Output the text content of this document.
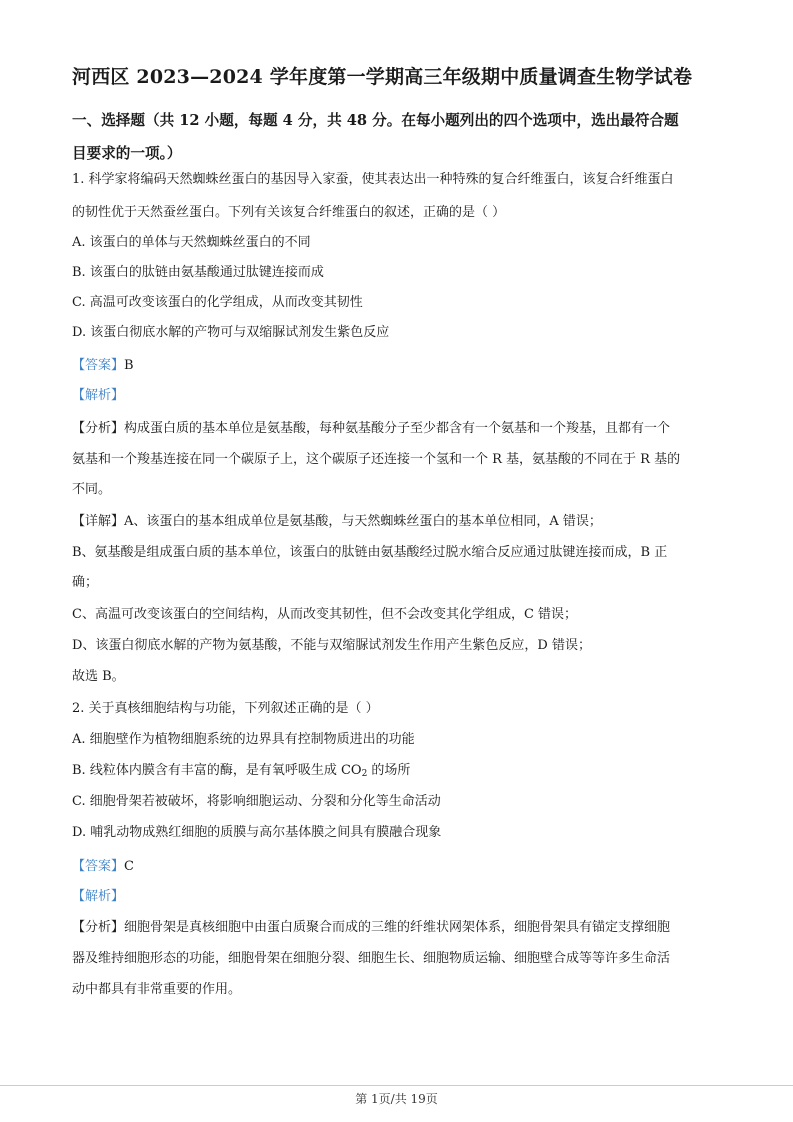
河西区 2023—2024 学年度第一学期高三年级期中质量调查生物学试卷
一、选择题（共 12 小题，每题 4 分，共 48 分。在每小题列出的四个选项中，选出最符合题
目要求的一项。）
1. 科学家将编码天然蜘蛛丝蛋白的基因导入家蚕，使其表达出一种特殊的复合纤维蛋白，该复合纤维蛋白
的韧性优于天然蚕丝蛋白。下列有关该复合纤维蛋白的叙述，正确的是（ ）
A. 该蛋白的单体与天然蜘蛛丝蛋白的不同
B. 该蛋白的肽链由氨基酸通过肽键连接而成
C. 高温可改变该蛋白的化学组成，从而改变其韧性
D. 该蛋白彻底水解的产物可与双缩脲试剂发生紫色反应
【答案】B
【解析】
【分析】构成蛋白质的基本单位是氨基酸，每种氨基酸分子至少都含有一个氨基和一个羧基，且都有一个
氨基和一个羧基连接在同一个碳原子上，这个碳原子还连接一个氢和一个 R 基，氨基酸的不同在于 R 基的
不同。
【详解】A、该蛋白的基本组成单位是氨基酸，与天然蜘蛛丝蛋白的基本单位相同，A 错误；
B、氨基酸是组成蛋白质的基本单位，该蛋白的肽链由氨基酸经过脱水缩合反应通过肽键连接而成，B 正
确；
C、高温可改变该蛋白的空间结构，从而改变其韧性，但不会改变其化学组成，C 错误；
D、该蛋白彻底水解的产物为氨基酸，不能与双缩脲试剂发生作用产生紫色反应，D 错误；
故选 B。
2. 关于真核细胞结构与功能，下列叙述正确的是（ ）
A. 细胞壁作为植物细胞系统的边界具有控制物质进出的功能
B. 线粒体内膜含有丰富的酶，是有氧呼吸生成 $CO_2$ 的场所
C. 细胞骨架若被破坏，将影响细胞运动、分裂和分化等生命活动
D. 哺乳动物成熟红细胞的质膜与高尔基体膜之间具有膜融合现象
【答案】C
【解析】
【分析】细胞骨架是真核细胞中由蛋白质聚合而成的三维的纤维状网架体系，细胞骨架具有锚定支撑细胞
器及维持细胞形态的功能，细胞骨架在细胞分裂、细胞生长、细胞物质运输、细胞壁合成等等许多生命活
动中都具有非常重要的作用。
第 1页/共 19页
